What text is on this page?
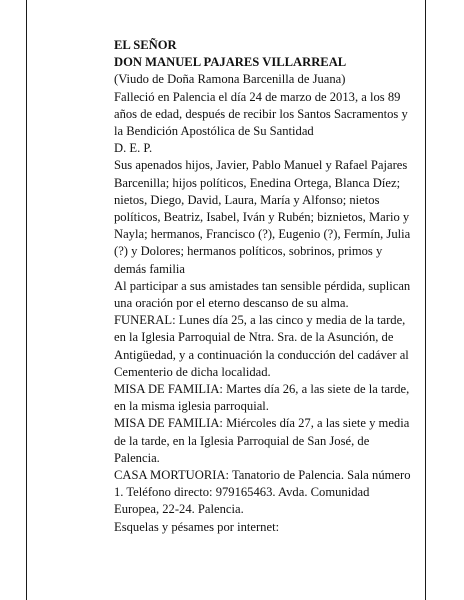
EL SEÑOR

DON MANUEL PAJARES VILLARREAL

(Viudo de Doña Ramona Barcenilla de Juana)

Falleció en Palencia el día 24 de marzo de 2013, a los 89 años de edad, después de recibir los Santos Sacramentos y la Bendición Apostólica de Su Santidad

D. E. P.

Sus apenados hijos, Javier, Pablo Manuel y Rafael Pajares Barcenilla; hijos políticos, Enedina Ortega, Blanca Díez; nietos, Diego, David, Laura, María y Alfonso; nietos políticos, Beatriz, Isabel, Iván y Rubén; biznietos, Mario y Nayla; hermanos, Francisco (?), Eugenio (?), Fermín, Julia (?) y Dolores; hermanos políticos, sobrinos, primos y demás familia

Al participar a sus amistades tan sensible pérdida, suplican una oración por el eterno descanso de su alma.

FUNERAL: Lunes día 25, a las cinco y media de la tarde, en la Iglesia Parroquial de Ntra. Sra. de la Asunción, de Antigüedad, y a continuación la conducción del cadáver al Cementerio de dicha localidad.

MISA DE FAMILIA: Martes día 26, a las siete de la tarde, en la misma iglesia parroquial.

MISA DE FAMILIA: Miércoles día 27, a las siete y media de la tarde, en la Iglesia Parroquial de San José, de Palencia.

CASA MORTUORIA: Tanatorio de Palencia. Sala número 1. Teléfono directo: 979165463. Avda. Comunidad Europea, 22-24. Palencia.

Esquelas y pésames por internet:
